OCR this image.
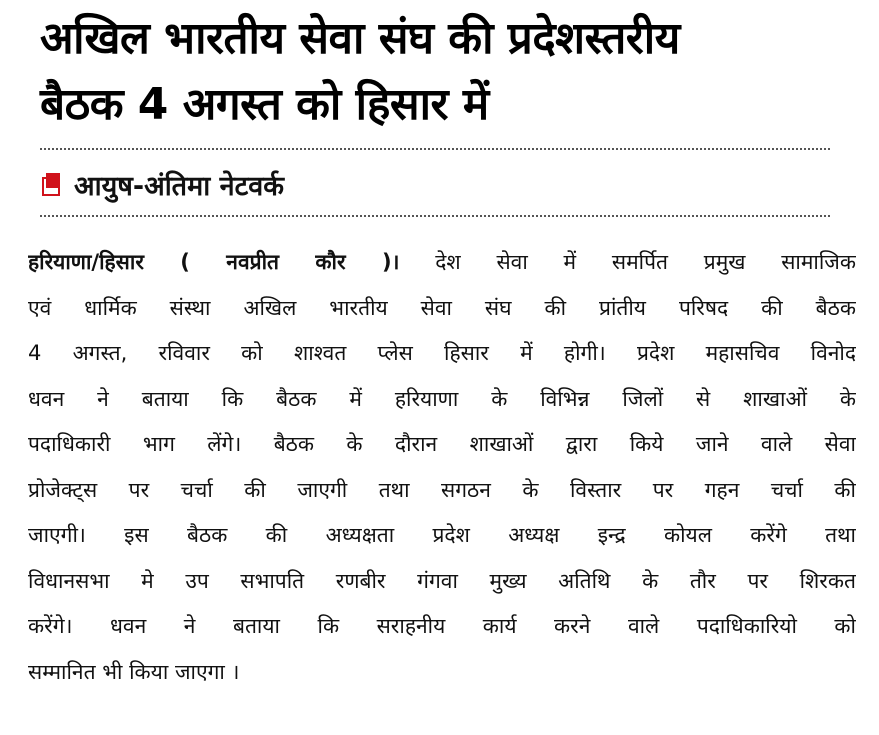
अखिल भारतीय सेवा संघ की प्रदेशस्तरीय
बैठक 4 अगस्त को हिसार में
आयुष-अंतिमा नेटवर्क
हरियाणा/हिसार ( नवप्रीत कौर )। देश सेवा में समर्पित प्रमुख सामाजिक
एवं धार्मिक संस्था अखिल भारतीय सेवा संघ की प्रांतीय परिषद की बैठक
4 अगस्त, रविवार को शाश्वत प्लेस हिसार में होगी। प्रदेश महासचिव विनोद
धवन ने बताया कि बैठक में हरियाणा के विभिन्न जिलों से शाखाओं के
पदाधिकारी भाग लेंगे। बैठक के दौरान शाखाओं द्वारा किये जाने वाले सेवा
प्रोजेक्ट्स पर चर्चा की जाएगी तथा सगठन के विस्तार पर गहन चर्चा की
जाएगी। इस बैठक की अध्यक्षता प्रदेश अध्यक्ष इन्द्र कोयल करेंगे तथा
विधानसभा मे उप सभापति रणबीर गंगवा मुख्य अतिथि के तौर पर शिरकत
करेंगे। धवन ने बताया कि सराहनीय कार्य करने वाले पदाधिकारियो को
सम्मानित भी किया जाएगा ।
